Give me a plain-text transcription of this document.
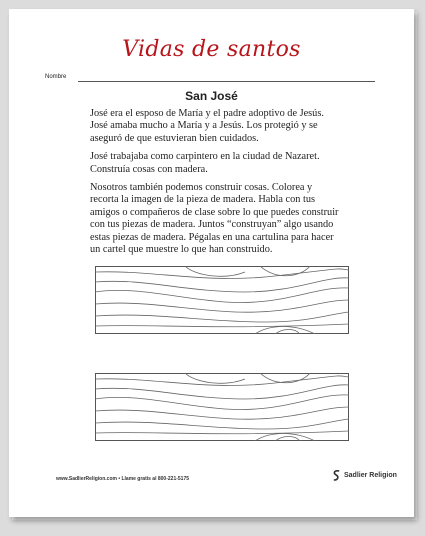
Vidas de santos
Nombre
San José

José era el esposo de María y el padre adoptivo de Jesús. José amaba mucho a María y a Jesús. Los protegió y se aseguró de que estuvieran bien cuidados.

José trabajaba como carpintero en la ciudad de Nazaret. Construía cosas con madera.

Nosotros también podemos construir cosas. Colorea y recorta la imagen de la pieza de madera. Habla con tus amigos o compañeros de clase sobre lo que puedes construir con tus piezas de madera. Juntos “construyan” algo usando estas piezas de madera. Pégalas en una cartulina para hacer un cartel que muestre lo que han construido.

www.SadlierReligion.com • Llame gratis al 800-221-5175	Sadlier Religion
